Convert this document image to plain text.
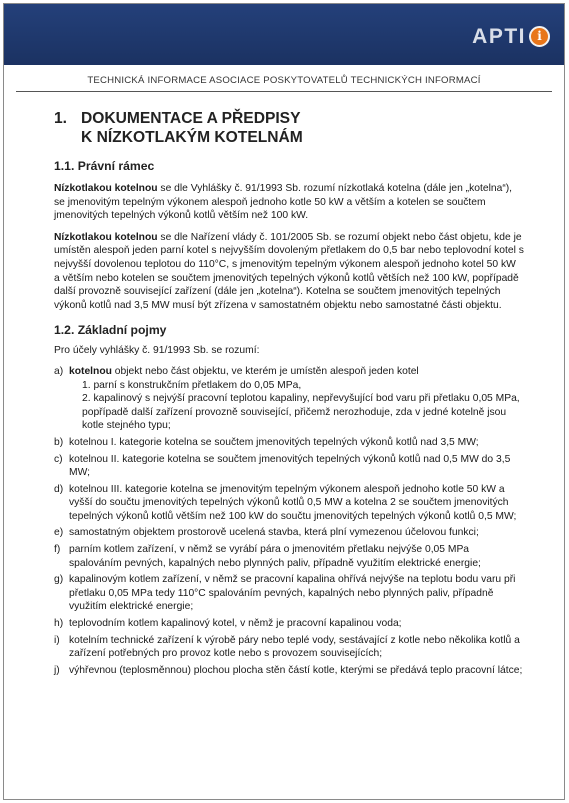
APTI i
TECHNICKÁ INFORMACE ASOCIACE POSKYTOVATELŮ TECHNICKÝCH INFORMACÍ
1. DOKUMENTACE A PŘEDPISY
K NÍZKOTLAKÝM KOTELNÁM
1.1. Právní rámec

Nízkotlakou kotelnou se dle Vyhlášky č. 91/1993 Sb. rozumí nízkotlaká kotelna (dále jen „kotelna“), se jmenovitým tepelným výkonem alespoň jednoho kotle 50 kW a větším a kotelen se součtem jmenovitých tepelných výkonů kotlů větším než 100 kW.

Nízkotlakou kotelnou se dle Nařízení vlády č. 101/2005 Sb. se rozumí objekt nebo část objetu, kde je umístěn alespoň jeden parní kotel s nejvyšším dovoleným přetlakem do 0,5 bar nebo teplovodní kotel s nejvyšší dovolenou teplotou do 110°C, s jmenovitým tepelným výkonem alespoň jednoho kotel 50 kW a větším nebo kotelen se součtem jmenovitých tepelných výkonů kotlů větších než 100 kW, popřípadě další provozně související zařízení (dále jen „kotelna“). Kotelna se součtem jmenovitých tepelných výkonů kotlů nad 3,5 MW musí být zřízena v samostatném objektu nebo samostatné části objektu.

1.2. Základní pojmy

Pro účely vyhlášky č. 91/1993 Sb. se rozumí:

a) kotelnou objekt nebo část objektu, ve kterém je umístěn alespoň jeden kotel
1. parní s konstrukčním přetlakem do 0,05 MPa,
2. kapalinový s nejvýší pracovní teplotou kapaliny, nepřevyšující bod varu při přetlaku 0,05 MPa, popřípadě další zařízení provozně související, přičemž nerozhoduje, zda v jedné kotelně jsou kotle stejného typu;
b) kotelnou I. kategorie kotelna se součtem jmenovitých tepelných výkonů kotlů nad 3,5 MW;
c) kotelnou II. kategorie kotelna se součtem jmenovitých tepelných výkonů kotlů nad 0,5 MW do 3,5 MW;
d) kotelnou III. kategorie kotelna se jmenovitým tepelným výkonem alespoň jednoho kotle 50 kW a vyšší do součtu jmenovitých tepelných výkonů kotlů 0,5 MW a kotelna 2 se součtem jmenovitých tepelných výkonů kotlů větším než 100 kW do součtu jmenovitých tepelných výkonů kotlů 0,5 MW;
e) samostatným objektem prostorově ucelená stavba, která plní vymezenou účelovou funkci;
f) parním kotlem zařízení, v němž se vyrábí pára o jmenovitém přetlaku nejvýše 0,05 MPa spalováním pevných, kapalných nebo plynných paliv, případně využitím elektrické energie;
g) kapalinovým kotlem zařízení, v němž se pracovní kapalina ohřívá nejvýše na teplotu bodu varu při přetlaku 0,05 MPa tedy 110°C spalováním pevných, kapalných nebo plynných paliv, případně využitím elektrické energie;
h) teplovodním kotlem kapalinový kotel, v němž je pracovní kapalinou voda;
i) kotelním technické zařízení k výrobě páry nebo teplé vody, sestávající z kotle nebo několika kotlů a zařízení potřebných pro provoz kotle nebo s provozem souvisejících;
j) výhřevnou (teplosměnnou) plochou plocha stěn částí kotle, kterými se předává teplo pracovní látce;
